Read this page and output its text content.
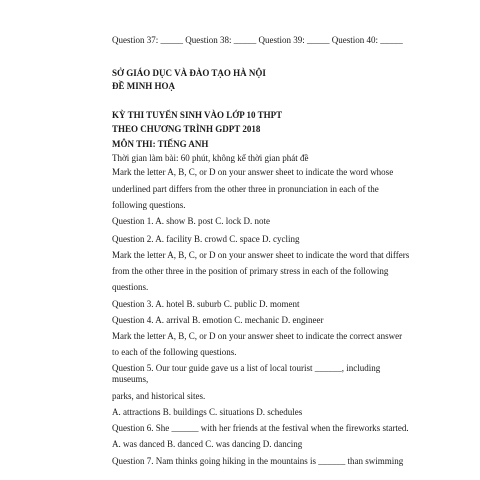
Question 37: _____ Question 38: _____ Question 39: _____ Question 40: _____
SỞ GIÁO DỤC VÀ ĐÀO TẠO HÀ NỘI
ĐỀ MINH HOẠ
KỲ THI TUYỂN SINH VÀO LỚP 10 THPT
THEO CHƯƠNG TRÌNH GDPT 2018
MÔN THI: TIẾNG ANH
Thời gian làm bài: 60 phút, không kể thời gian phát đề
Mark the letter A, B, C, or D on your answer sheet to indicate the word whose
underlined part differs from the other three in pronunciation in each of the
following questions.
Question 1. A. show B. post C. lock D. note
Question 2. A. facility B. crowd C. space D. cycling
Mark the letter A, B, C, or D on your answer sheet to indicate the word that differs
from the other three in the position of primary stress in each of the following
questions.
Question 3. A. hotel B. suburb C. public D. moment
Question 4. A. arrival B. emotion C. mechanic D. engineer
Mark the letter A, B, C, or D on your answer sheet to indicate the correct answer
to each of the following questions.
Question 5. Our tour guide gave us a list of local tourist ______, including
museums,
parks, and historical sites.
A. attractions B. buildings C. situations D. schedules
Question 6. She ______ with her friends at the festival when the fireworks started.
A. was danced B. danced C. was dancing D. dancing
Question 7. Nam thinks going hiking in the mountains is ______ than swimming
